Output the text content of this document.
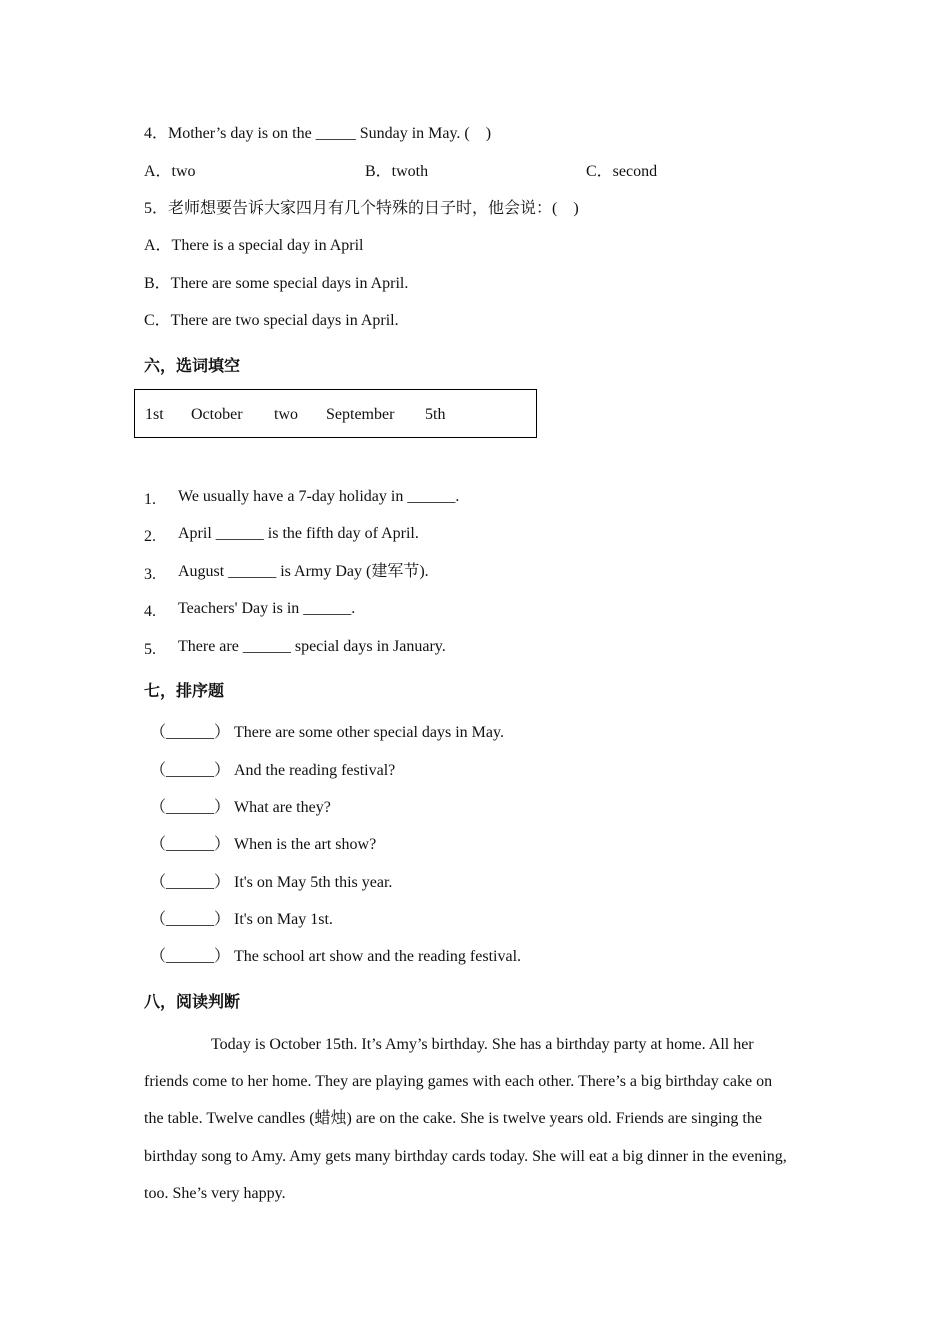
4．Mother’s day is on the _____ Sunday in May. (　)
A．two	B．twoth	C．second
5．老师想要告诉大家四月有几个特殊的日子时，他会说：(　)
A．There is a special day in April
B．There are some special days in April.
C．There are two special days in April.
六，选词填空
1st October two September 5th
1. We usually have a 7-day holiday in ______.
2. April ______ is the fifth day of April.
3. August ______ is Army Day (建军节).
4. Teachers' Day is in ______.
5. There are ______ special days in January.
七，排序题
（______） There are some other special days in May.
（______） And the reading festival?
（______） What are they?
（______） When is the art show?
（______） It's on May 5th this year.
（______） It's on May 1st.
（______） The school art show and the reading festival.
八，阅读判断
Today is October 15th. It’s Amy’s birthday. She has a birthday party at home. All her
friends come to her home. They are playing games with each other. There’s a big birthday cake on
the table. Twelve candles (蜡烛) are on the cake. She is twelve years old. Friends are singing the
birthday song to Amy. Amy gets many birthday cards today. She will eat a big dinner in the evening,
too. She’s very happy.
